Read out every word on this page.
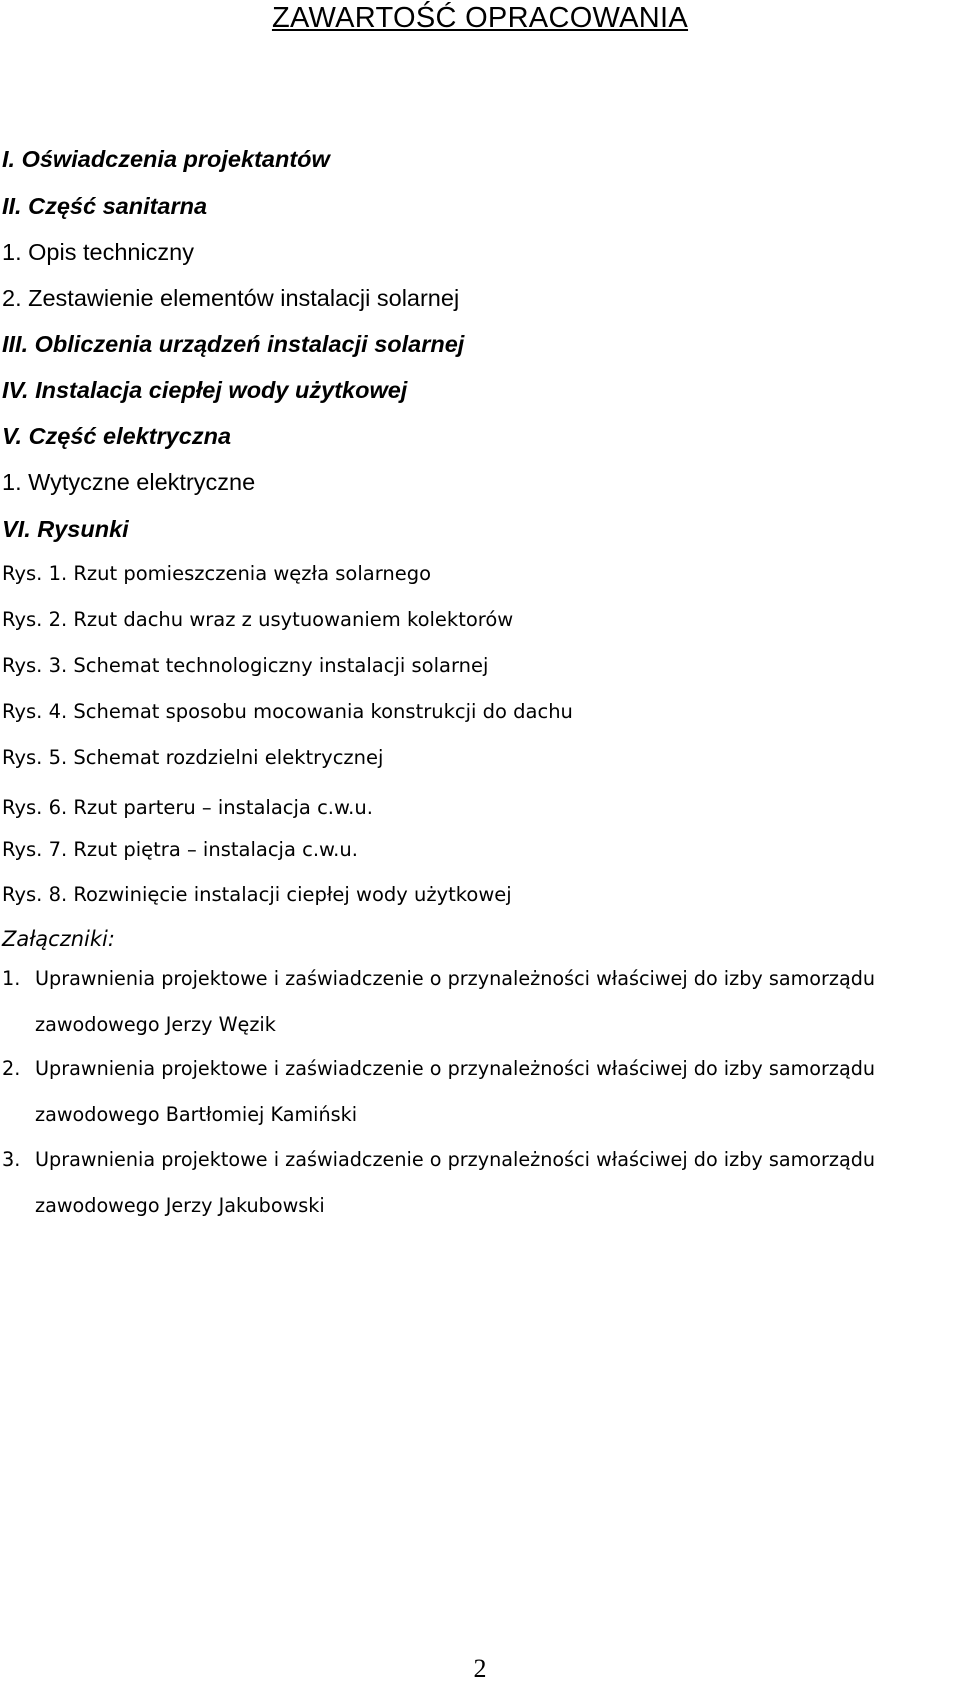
ZAWARTOŚĆ OPRACOWANIA
I. Oświadczenia projektantów
II. Część sanitarna
1. Opis techniczny
2. Zestawienie elementów instalacji solarnej
III. Obliczenia urządzeń instalacji solarnej
IV. Instalacja ciepłej wody użytkowej
V. Część elektryczna
1. Wytyczne elektryczne
VI. Rysunki
Rys. 1. Rzut pomieszczenia węzła solarnego
Rys. 2. Rzut dachu wraz z usytuowaniem kolektorów
Rys. 3. Schemat technologiczny instalacji solarnej
Rys. 4. Schemat sposobu mocowania konstrukcji do dachu
Rys. 5. Schemat rozdzielni elektrycznej
Rys. 6. Rzut parteru – instalacja c.w.u.
Rys. 7. Rzut piętra – instalacja c.w.u.
Rys. 8. Rozwinięcie instalacji ciepłej wody użytkowej
Załączniki:
1. Uprawnienia projektowe i zaświadczenie o przynależności właściwej do izby samorządu
zawodowego Jerzy Węzik
2. Uprawnienia projektowe i zaświadczenie o przynależności właściwej do izby samorządu
zawodowego Bartłomiej Kamiński
3. Uprawnienia projektowe i zaświadczenie o przynależności właściwej do izby samorządu
zawodowego Jerzy Jakubowski
2
